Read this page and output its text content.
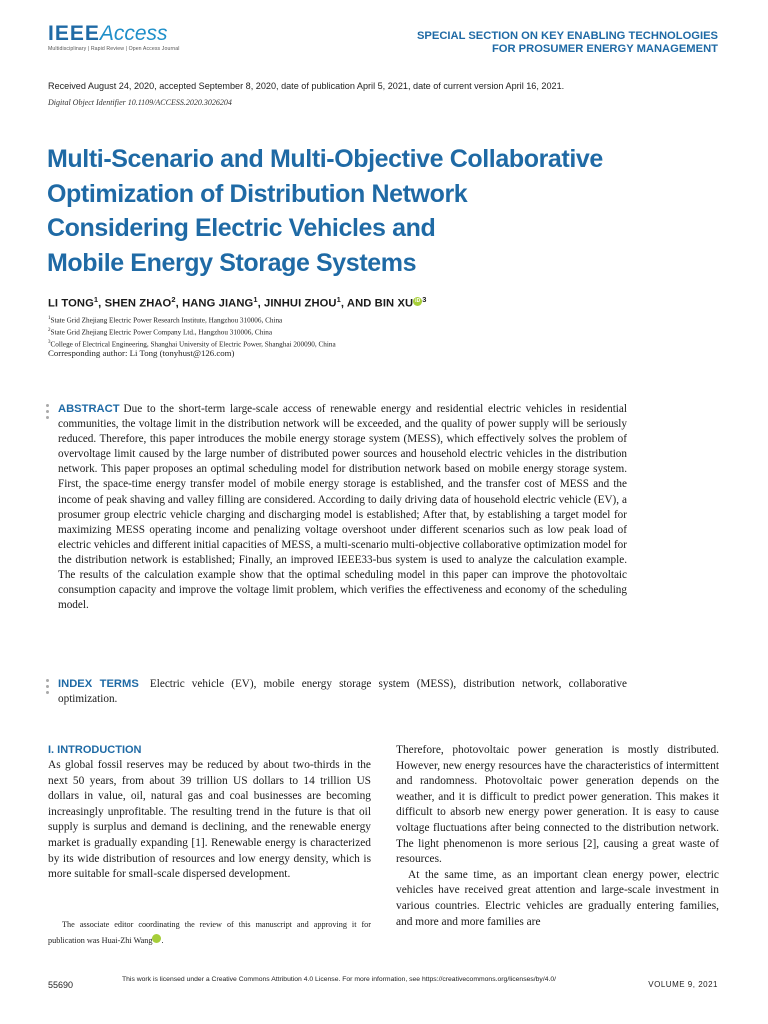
IEEEAccess
Multidisciplinary | Rapid Review | Open Access Journal
SPECIAL SECTION ON KEY ENABLING TECHNOLOGIES
FOR PROSUMER ENERGY MANAGEMENT
Received August 24, 2020, accepted September 8, 2020, date of publication April 5, 2021, date of current version April 16, 2021.
Digital Object Identifier 10.1109/ACCESS.2020.3026204
Multi-Scenario and Multi-Objective Collaborative
Optimization of Distribution Network
Considering Electric Vehicles and
Mobile Energy Storage Systems
LI TONG$^1$, SHEN ZHAO$^2$, HANG JIANG$^1$, JINHUI ZHOU$^1$, AND BIN XU iD $^3$
$^1$State Grid Zhejiang Electric Power Research Institute, Hangzhou 310006, China
$^2$State Grid Zhejiang Electric Power Company Ltd., Hangzhou 310006, China
$^3$College of Electrical Engineering, Shanghai University of Electric Power, Shanghai 200090, China
Corresponding author: Li Tong (tonyhust@126.com)
ABSTRACT Due to the short-term large-scale access of renewable energy and residential electric vehicles in residential communities, the voltage limit in the distribution network will be exceeded, and the quality of power supply will be seriously reduced. Therefore, this paper introduces the mobile energy storage system (MESS), which effectively solves the problem of overvoltage limit caused by the large number of distributed power sources and household electric vehicles in the distribution network. This paper proposes an optimal scheduling model for distribution network based on mobile energy storage system. First, the space-time energy transfer model of mobile energy storage is established, and the transfer cost of MESS and the income of peak shaving and valley filling are considered. According to daily driving data of household electric vehicle (EV), a prosumer group electric vehicle charging and discharging model is established; After that, by establishing a target model for maximizing MESS operating income and penalizing voltage overshoot under different scenarios such as low peak load of electric vehicles and different initial capacities of MESS, a multi-scenario multi-objective collaborative optimization model for the distribution network is established; Finally, an improved IEEE33-bus system is used to analyze the calculation example. The results of the calculation example show that the optimal scheduling model in this paper can improve the photovoltaic consumption capacity and improve the voltage limit problem, which verifies the effectiveness and economy of the scheduling model.
INDEX TERMS Electric vehicle (EV), mobile energy storage system (MESS), distribution network, collaborative optimization.
I. INTRODUCTION
As global fossil reserves may be reduced by about two-thirds in the next 50 years, from about 39 trillion US dollars to 14 trillion US dollars in value, oil, natural gas and coal businesses are becoming increasingly unprofitable. The resulting trend in the future is that oil supply is surplus and demand is declining, and the renewable energy market is gradually expanding [1]. Renewable energy is characterized by its wide distribution of resources and low energy density, which is more suitable for small-scale dispersed development.
The associate editor coordinating the review of this manuscript and approving it for publication was Huai-Zhi Wang	iD.

Therefore, photovoltaic power generation is mostly distributed. However, new energy resources have the characteristics of intermittent and randomness. Photovoltaic power generation depends on the weather, and it is difficult to predict power generation. This makes it difficult to absorb new energy power generation. It is easy to cause voltage fluctuations after being connected to the distribution network. The light phenomenon is more serious [2], causing a great waste of resources.

At the same time, as an important clean energy power, electric vehicles have received great attention and large-scale investment in various countries. Electric vehicles are gradually entering families, and more and more families are

55690
This work is licensed under a Creative Commons Attribution 4.0 License. For more information, see https://creativecommons.org/licenses/by/4.0/
VOLUME 9, 2021
